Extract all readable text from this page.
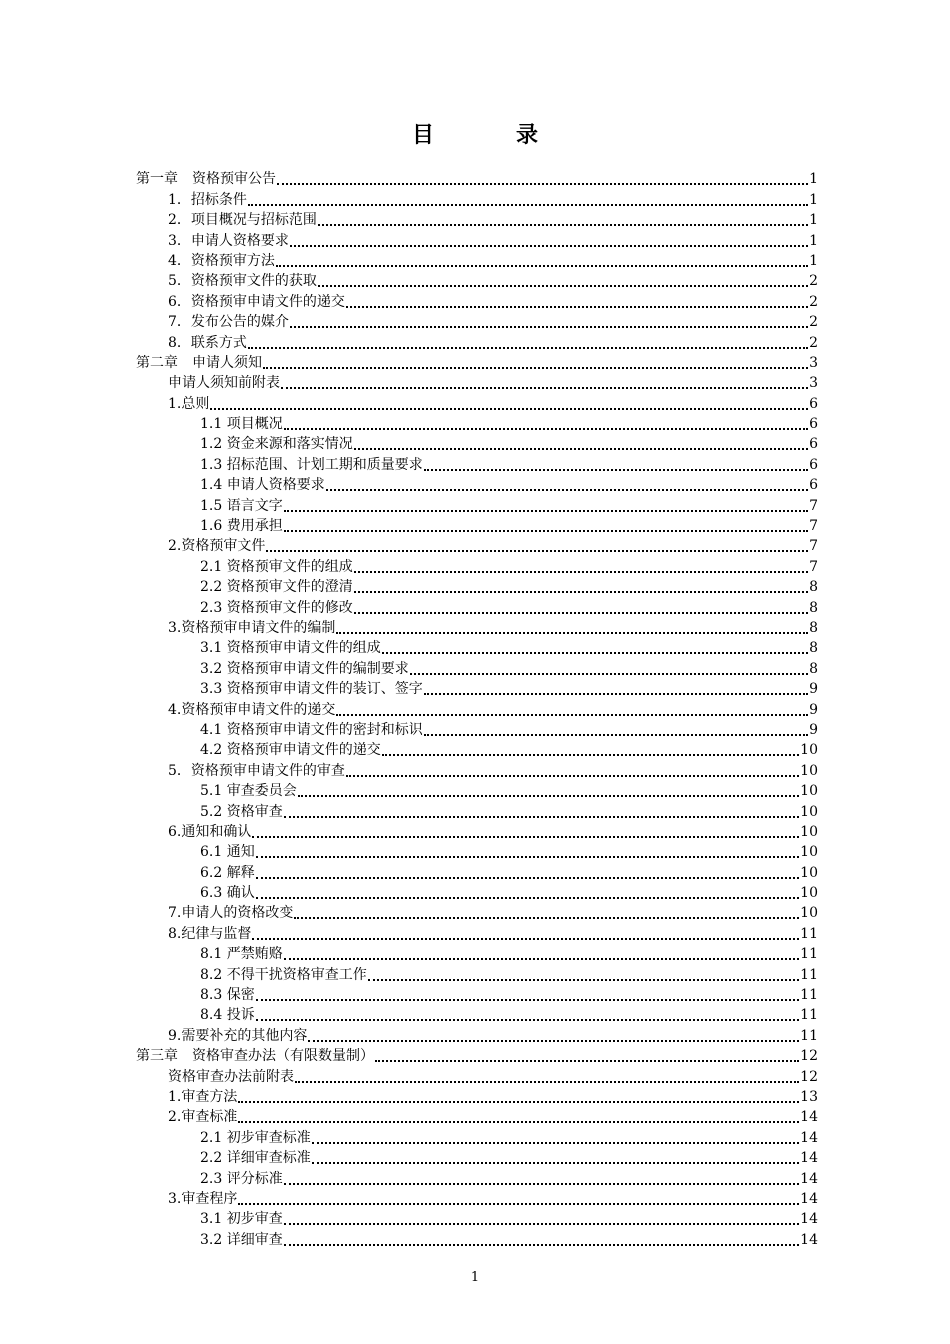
目　录
第一章　资格预审公告	1
1．招标条件	1
2．项目概况与招标范围	1
3．申请人资格要求	1
4．资格预审方法	1
5．资格预审文件的获取	2
6．资格预审申请文件的递交	2
7．发布公告的媒介	2
8．联系方式	2
第二章　申请人须知	3
申请人须知前附表	3
1.总则	6
1.1 项目概况	6
1.2 资金来源和落实情况	6
1.3 招标范围、计划工期和质量要求	6
1.4 申请人资格要求	6
1.5 语言文字	7
1.6 费用承担	7
2.资格预审文件	7
2.1 资格预审文件的组成	7
2.2 资格预审文件的澄清	8
2.3 资格预审文件的修改	8
3.资格预审申请文件的编制	8
3.1 资格预审申请文件的组成	8
3.2 资格预审申请文件的编制要求	8
3.3 资格预审申请文件的装订、签字	9
4.资格预审申请文件的递交	9
4.1 资格预审申请文件的密封和标识	9
4.2 资格预审申请文件的递交	10
5．资格预审申请文件的审查	10
5.1 审查委员会	10
5.2 资格审查	10
6.通知和确认	10
6.1 通知	10
6.2 解释	10
6.3 确认	10
7.申请人的资格改变	10
8.纪律与监督	11
8.1 严禁贿赂	11
8.2 不得干扰资格审查工作	11
8.3 保密	11
8.4 投诉	11
9.需要补充的其他内容	11
第三章　资格审查办法（有限数量制）	12
资格审查办法前附表	12
1.审查方法	13
2.审查标准	14
2.1 初步审查标准	14
2.2 详细审查标准	14
2.3 评分标准	14
3.审查程序	14
3.1 初步审查	14
3.2 详细审查	14
1
